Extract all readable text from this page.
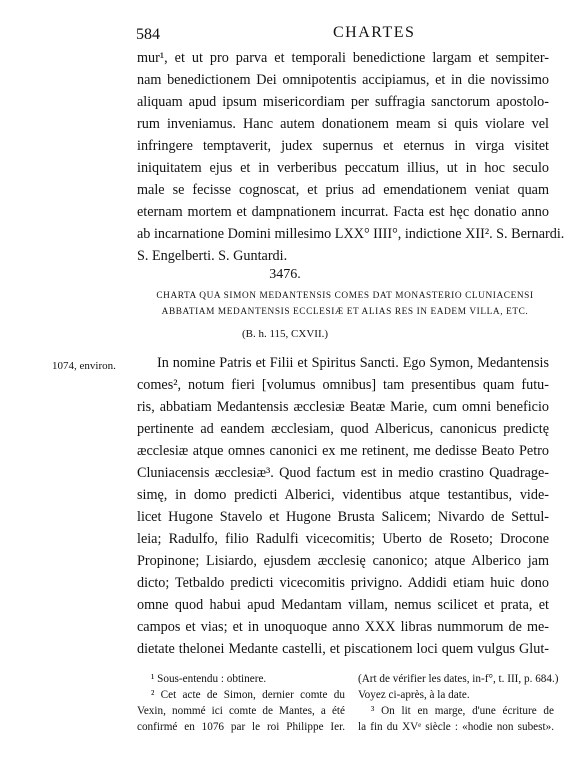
584	CHARTES
mur¹, et ut pro parva et temporali benedictione largam et sempiter-
nam benedictionem Dei omnipotentis accipiamus, et in die novissimo
aliquam apud ipsum misericordiam per suffragia sanctorum apostolo-
rum inveniamus. Hanc autem donationem meam si quis violare vel
infringere temptaverit, judex supernus et eternus in virga visitet
iniquitatem ejus et in verberibus peccatum illius, ut in hoc seculo
male se fecisse cognoscat, et prius ad emendationem veniat quam
eternam mortem et dampnationem incurrat. Facta est hęc donatio anno
ab incarnatione Domini millesimo LXX° IIII°, indictione XII². S. Bernardi.
S. Engelberti. S. Guntardi.
3476.
CHARTA QUA SIMON MEDANTENSIS COMES DAT MONASTERIO CLUNIACENSI
ABBATIAM MEDANTENSIS ECCLESIÆ ET ALIAS RES IN EADEM VILLA, ETC.
(B. h. 115, CXVII.)
1074, environ.	In nomine Patris et Filii et Spiritus Sancti. Ego Symon, Medantensis
comes², notum fieri [volumus omnibus] tam presentibus quam futu-
ris, abbatiam Medantensis æcclesiæ Beatæ Marie, cum omni beneficio
pertinente ad eandem æcclesiam, quod Albericus, canonicus predictę
æcclesiæ atque omnes canonici ex me retinent, me dedisse Beato Petro
Cluniacensis æcclesiæ³. Quod factum est in medio crastino Quadrage-
simę, in domo predicti Alberici, videntibus atque testantibus, vide-
licet Hugone Stavelo et Hugone Brusta Salicem; Nivardo de Settul-
leia; Radulfo, filio Radulfi vicecomitis; Uberto de Roseto; Drocone
Propinone; Lisiardo, ejusdem æcclesię canonico; atque Alberico jam
dicto; Tetbaldo predicti vicecomitis privigno. Addidi etiam huic dono
omne quod habui apud Medantam villam, nemus scilicet et prata, et
campos et vias; et in unoquoque anno XXX libras nummorum de me-
dietate thelonei Medante castelli, et piscationem loci quem vulgus Glut-
¹ Sous-entendu : obtinere.
² Cet acte de Simon, dernier comte du
Vexin, nommé ici comte de Mantes, a été
confirmé en 1076 par le roi Philippe Ier.
(Art de vérifier les dates, in-f°, t. III, p. 684.)
Voyez ci-après, à la date.
³ On lit en marge, d'une écriture de
la fin du XVᵉ siècle : «hodie non subest».
